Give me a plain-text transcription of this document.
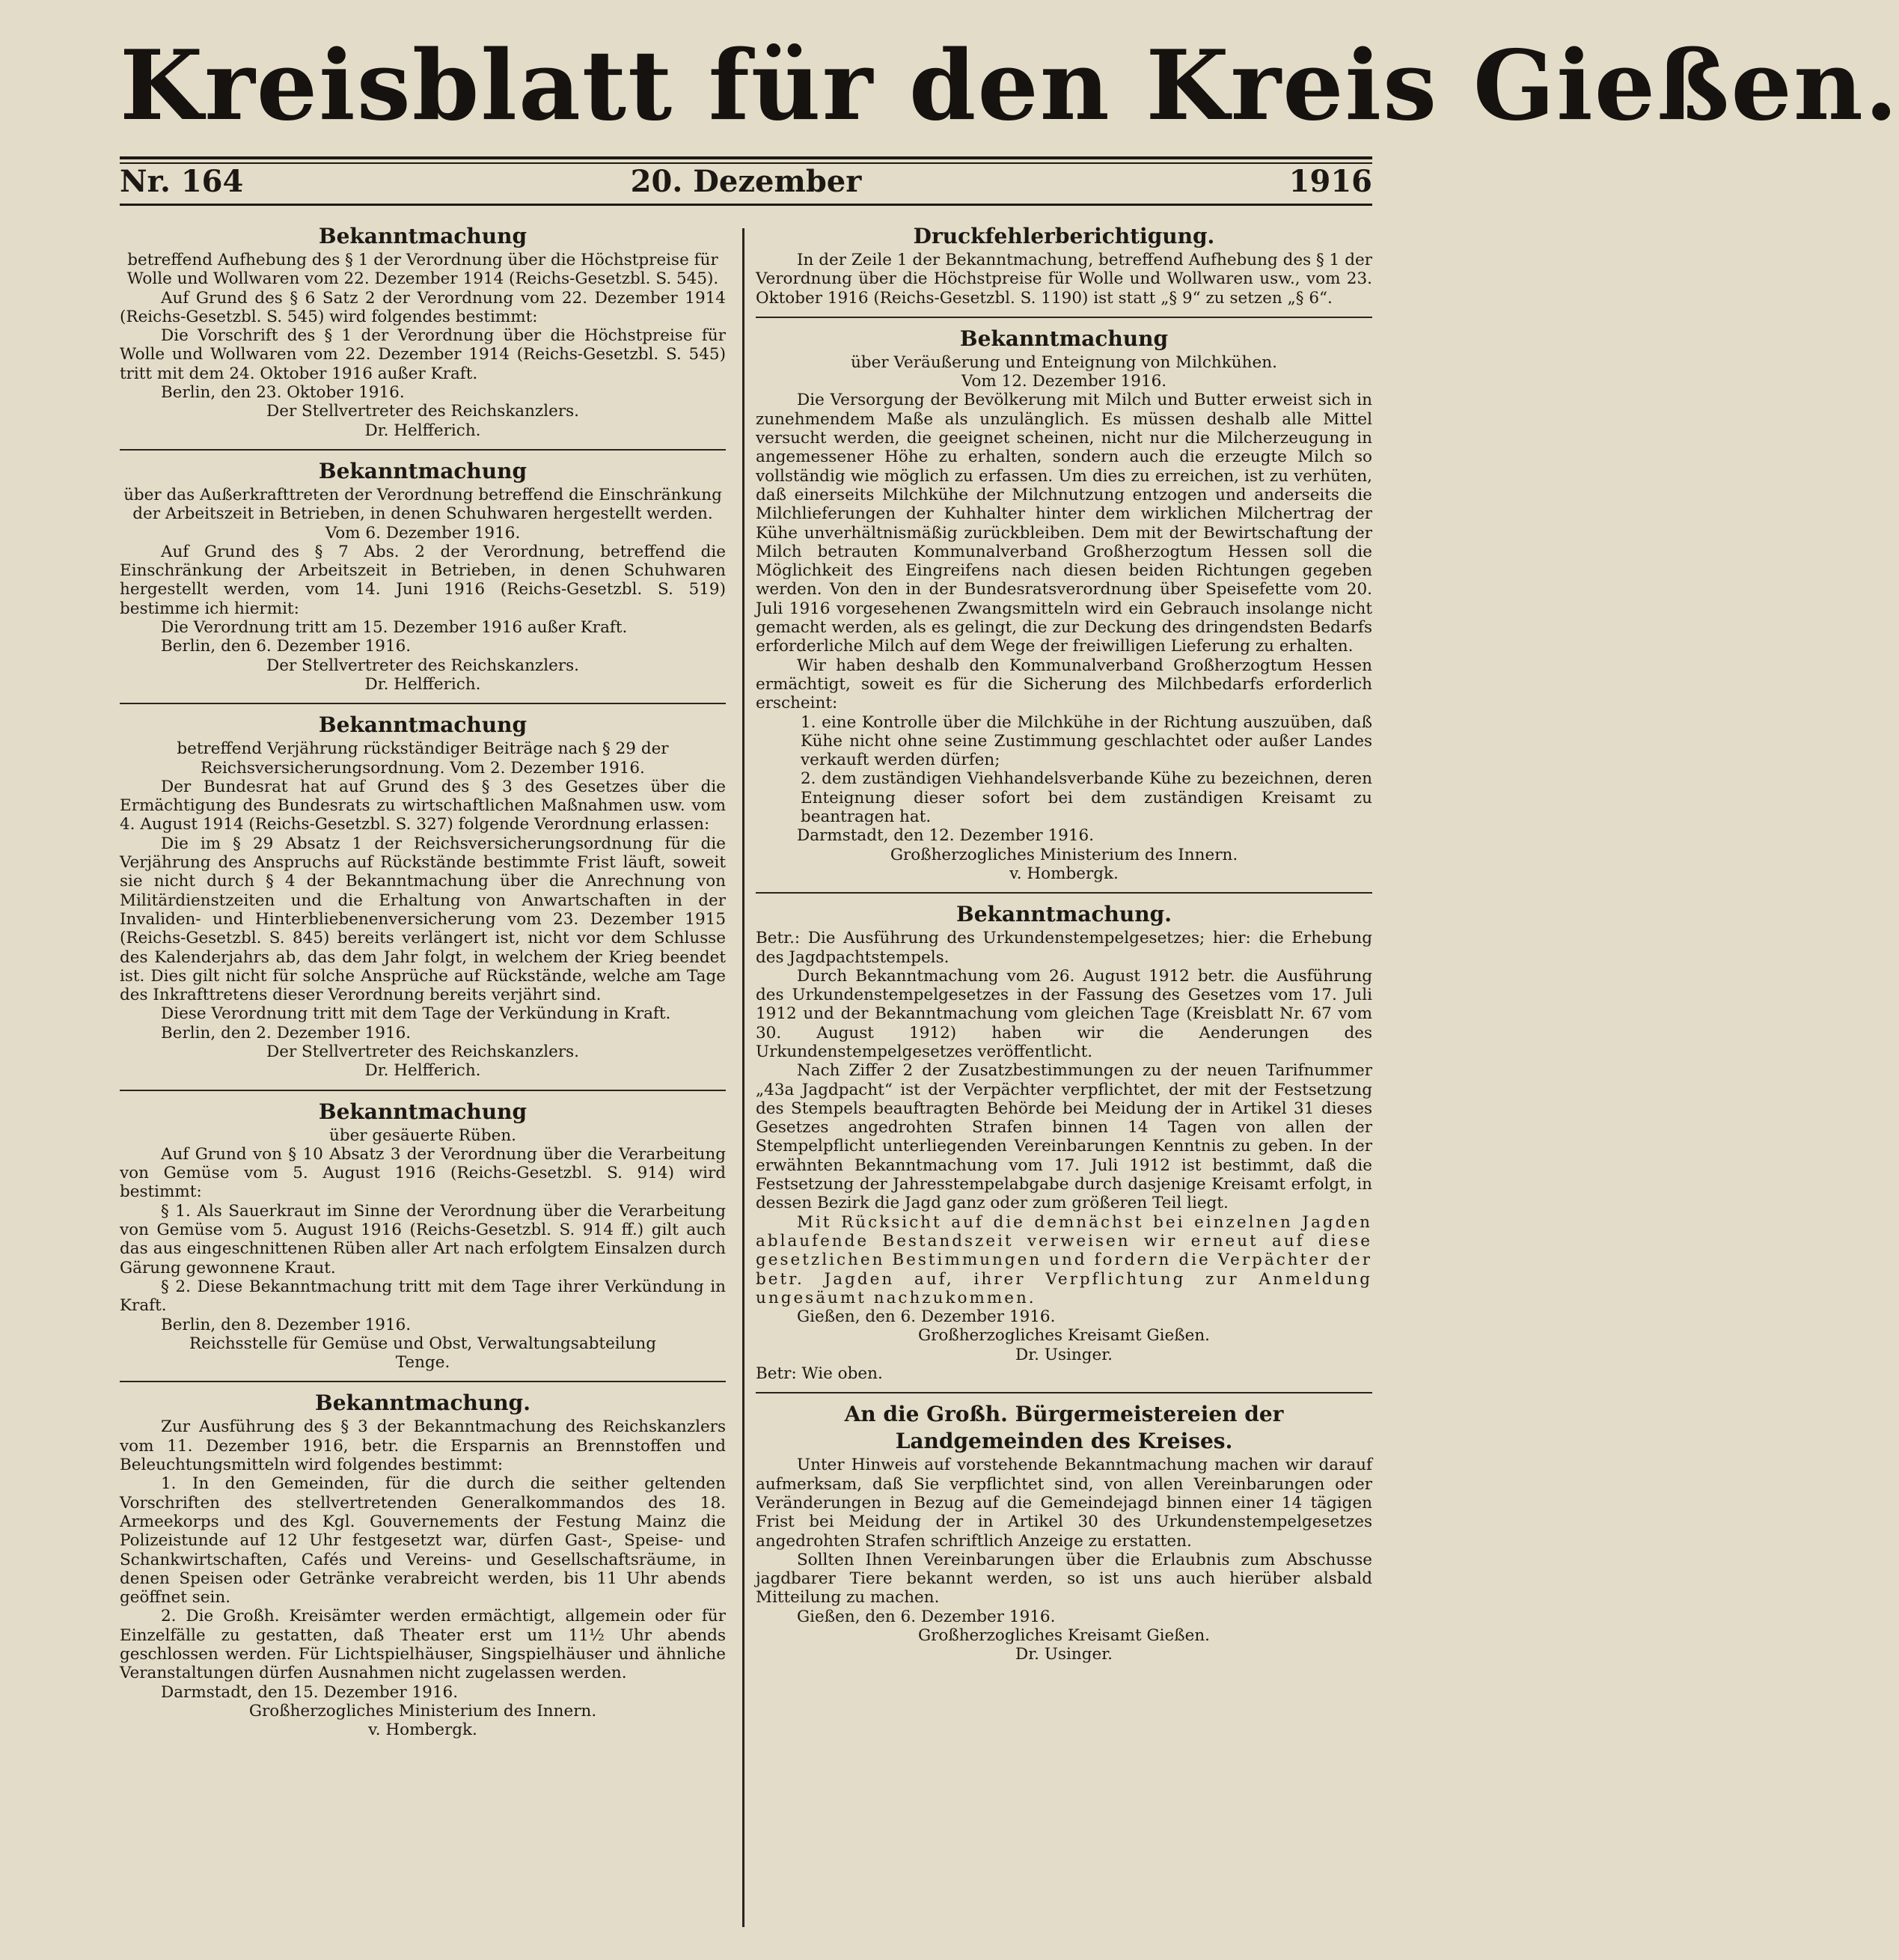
Kreisblatt für den Kreis Gießen.
Nr. 164	20. Dezember	1916
Bekanntmachung

betreffend Aufhebung des § 1 der Verordnung über die Höchstpreise für Wolle und Wollwaren vom 22. Dezember 1914 (Reichs-Gesetzbl. S. 545).

Auf Grund des § 6 Satz 2 der Verordnung vom 22. Dezember 1914 (Reichs-Gesetzbl. S. 545) wird folgendes bestimmt:

Die Vorschrift des § 1 der Verordnung über die Höchstpreise für Wolle und Wollwaren vom 22. Dezember 1914 (Reichs-Gesetzbl. S. 545) tritt mit dem 24. Oktober 1916 außer Kraft.

Berlin, den 23. Oktober 1916.

Der Stellvertreter des Reichskanzlers.

Dr. Helfferich.

Bekanntmachung

über das Außerkrafttreten der Verordnung betreffend die Einschränkung der Arbeitszeit in Betrieben, in denen Schuhwaren hergestellt werden. Vom 6. Dezember 1916.

Auf Grund des § 7 Abs. 2 der Verordnung, betreffend die Einschränkung der Arbeitszeit in Betrieben, in denen Schuhwaren hergestellt werden, vom 14. Juni 1916 (Reichs-Gesetzbl. S. 519) bestimme ich hiermit:

Die Verordnung tritt am 15. Dezember 1916 außer Kraft.

Berlin, den 6. Dezember 1916.

Der Stellvertreter des Reichskanzlers.

Dr. Helfferich.

Bekanntmachung

betreffend Verjährung rückständiger Beiträge nach § 29 der Reichsversicherungsordnung. Vom 2. Dezember 1916.

Der Bundesrat hat auf Grund des § 3 des Gesetzes über die Ermächtigung des Bundesrats zu wirtschaftlichen Maßnahmen usw. vom 4. August 1914 (Reichs-Gesetzbl. S. 327) folgende Verordnung erlassen:

Die im § 29 Absatz 1 der Reichsversicherungsordnung für die Verjährung des Anspruchs auf Rückstände bestimmte Frist läuft, soweit sie nicht durch § 4 der Bekanntmachung über die Anrechnung von Militärdienstzeiten und die Erhaltung von Anwartschaften in der Invaliden- und Hinterbliebenenversicherung vom 23. Dezember 1915 (Reichs-Gesetzbl. S. 845) bereits verlängert ist, nicht vor dem Schlusse des Kalenderjahrs ab, das dem Jahr folgt, in welchem der Krieg beendet ist. Dies gilt nicht für solche Ansprüche auf Rückstände, welche am Tage des Inkrafttretens dieser Verordnung bereits verjährt sind.

Diese Verordnung tritt mit dem Tage der Verkündung in Kraft.

Berlin, den 2. Dezember 1916.

Der Stellvertreter des Reichskanzlers.

Dr. Helfferich.

Bekanntmachung

über gesäuerte Rüben.

Auf Grund von § 10 Absatz 3 der Verordnung über die Verarbeitung von Gemüse vom 5. August 1916 (Reichs-Gesetzbl. S. 914) wird bestimmt:

§ 1. Als Sauerkraut im Sinne der Verordnung über die Verarbeitung von Gemüse vom 5. August 1916 (Reichs-Gesetzbl. S. 914 ff.) gilt auch das aus eingeschnittenen Rüben aller Art nach erfolgtem Einsalzen durch Gärung gewonnene Kraut.

§ 2. Diese Bekanntmachung tritt mit dem Tage ihrer Verkündung in Kraft.

Berlin, den 8. Dezember 1916.

Reichsstelle für Gemüse und Obst, Verwaltungsabteilung

Tenge.

Bekanntmachung.

Zur Ausführung des § 3 der Bekanntmachung des Reichskanzlers vom 11. Dezember 1916, betr. die Ersparnis an Brennstoffen und Beleuchtungsmitteln wird folgendes bestimmt:

1. In den Gemeinden, für die durch die seither geltenden Vorschriften des stellvertretenden Generalkommandos des 18. Armeekorps und des Kgl. Gouvernements der Festung Mainz die Polizeistunde auf 12 Uhr festgesetzt war, dürfen Gast-, Speise- und Schankwirtschaften, Cafés und Vereins- und Gesellschaftsräume, in denen Speisen oder Getränke verabreicht werden, bis 11 Uhr abends geöffnet sein.

2. Die Großh. Kreisämter werden ermächtigt, allgemein oder für Einzelfälle zu gestatten, daß Theater erst um 11½ Uhr abends geschlossen werden. Für Lichtspielhäuser, Singspielhäuser und ähnliche Veranstaltungen dürfen Ausnahmen nicht zugelassen werden.

Darmstadt, den 15. Dezember 1916.

Großherzogliches Ministerium des Innern.

v. Hombergk.

Druckfehlerberichtigung.

In der Zeile 1 der Bekanntmachung, betreffend Aufhebung des § 1 der Verordnung über die Höchstpreise für Wolle und Wollwaren usw., vom 23. Oktober 1916 (Reichs-Gesetzbl. S. 1190) ist statt „§ 9“ zu setzen „§ 6“.

Bekanntmachung

über Veräußerung und Enteignung von Milchkühen.

Vom 12. Dezember 1916.

Die Versorgung der Bevölkerung mit Milch und Butter erweist sich in zunehmendem Maße als unzulänglich. Es müssen deshalb alle Mittel versucht werden, die geeignet scheinen, nicht nur die Milcherzeugung in angemessener Höhe zu erhalten, sondern auch die erzeugte Milch so vollständig wie möglich zu erfassen. Um dies zu erreichen, ist zu verhüten, daß einerseits Milchkühe der Milchnutzung entzogen und anderseits die Milchlieferungen der Kuhhalter hinter dem wirklichen Milchertrag der Kühe unverhältnismäßig zurückbleiben. Dem mit der Bewirtschaftung der Milch betrauten Kommunalverband Großherzogtum Hessen soll die Möglichkeit des Eingreifens nach diesen beiden Richtungen gegeben werden. Von den in der Bundesratsverordnung über Speisefette vom 20. Juli 1916 vorgesehenen Zwangsmitteln wird ein Gebrauch insolange nicht gemacht werden, als es gelingt, die zur Deckung des dringendsten Bedarfs erforderliche Milch auf dem Wege der freiwilligen Lieferung zu erhalten.

Wir haben deshalb den Kommunalverband Großherzogtum Hessen ermächtigt, soweit es für die Sicherung des Milchbedarfs erforderlich erscheint:

1. eine Kontrolle über die Milchkühe in der Richtung auszuüben, daß Kühe nicht ohne seine Zustimmung geschlachtet oder außer Landes verkauft werden dürfen;

2. dem zuständigen Viehhandelsverbande Kühe zu bezeichnen, deren Enteignung dieser sofort bei dem zuständigen Kreisamt zu beantragen hat.

Darmstadt, den 12. Dezember 1916.

Großherzogliches Ministerium des Innern.

v. Hombergk.

Bekanntmachung.

Betr.: Die Ausführung des Urkundenstempelgesetzes; hier: die Erhebung des Jagdpachtstempels.

Durch Bekanntmachung vom 26. August 1912 betr. die Ausführung des Urkundenstempelgesetzes in der Fassung des Gesetzes vom 17. Juli 1912 und der Bekanntmachung vom gleichen Tage (Kreisblatt Nr. 67 vom 30. August 1912) haben wir die Aenderungen des Urkundenstempelgesetzes veröffentlicht.

Nach Ziffer 2 der Zusatzbestimmungen zu der neuen Tarifnummer „43a Jagdpacht“ ist der Verpächter verpflichtet, der mit der Festsetzung des Stempels beauftragten Behörde bei Meidung der in Artikel 31 dieses Gesetzes angedrohten Strafen binnen 14 Tagen von allen der Stempelpflicht unterliegenden Vereinbarungen Kenntnis zu geben. In der erwähnten Bekanntmachung vom 17. Juli 1912 ist bestimmt, daß die Festsetzung der Jahresstempelabgabe durch dasjenige Kreisamt erfolgt, in dessen Bezirk die Jagd ganz oder zum größeren Teil liegt.

Mit Rücksicht auf die demnächst bei einzelnen Jagden ablaufende Bestandszeit verweisen wir erneut auf diese gesetzlichen Bestimmungen und fordern die Verpächter der betr. Jagden auf, ihrer Verpflichtung zur Anmeldung ungesäumt nachzukommen.

Gießen, den 6. Dezember 1916.

Großherzogliches Kreisamt Gießen.

Dr. Usinger.

Betr: Wie oben.

An die Großh. Bürgermeistereien der Landgemeinden des Kreises.

Unter Hinweis auf vorstehende Bekanntmachung machen wir darauf aufmerksam, daß Sie verpflichtet sind, von allen Vereinbarungen oder Veränderungen in Bezug auf die Gemeindejagd binnen einer 14 tägigen Frist bei Meidung der in Artikel 30 des Urkundenstempelgesetzes angedrohten Strafen schriftlich Anzeige zu erstatten.

Sollten Ihnen Vereinbarungen über die Erlaubnis zum Abschusse jagdbarer Tiere bekannt werden, so ist uns auch hierüber alsbald Mitteilung zu machen.

Gießen, den 6. Dezember 1916.

Großherzogliches Kreisamt Gießen.

Dr. Usinger.
